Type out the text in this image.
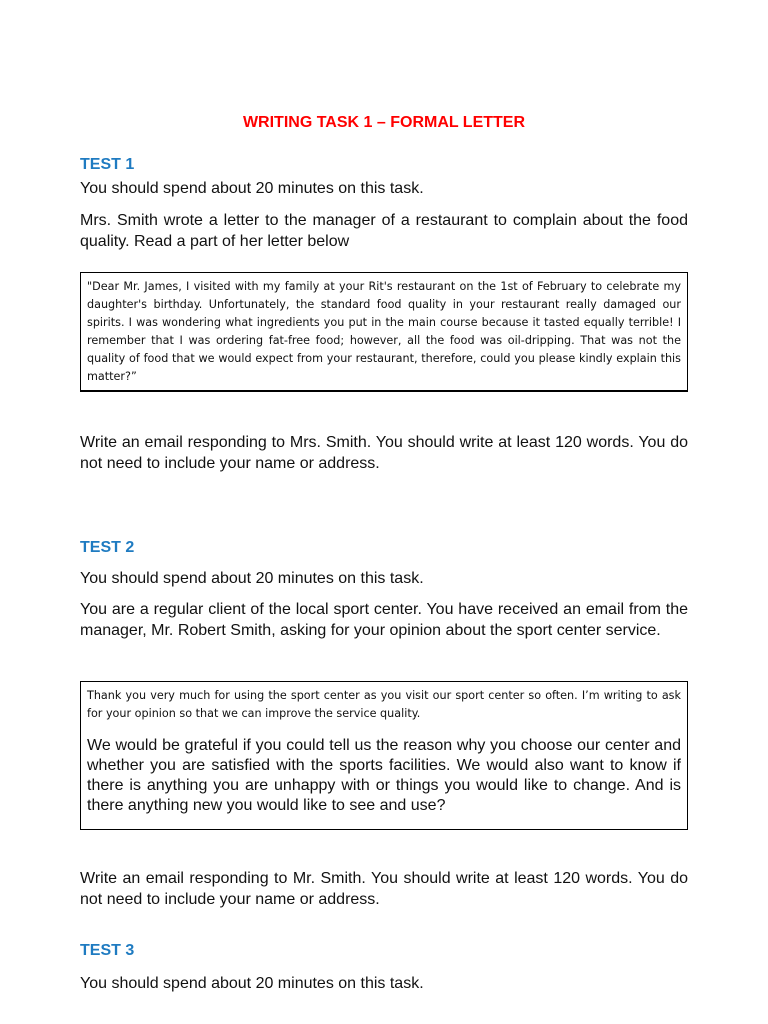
WRITING TASK 1 – FORMAL LETTER
TEST 1

You should spend about 20 minutes on this task.

Mrs. Smith wrote a letter to the manager of a restaurant to complain about the food quality. Read a part of her letter below

"Dear Mr. James, I visited with my family at your Rit's restaurant on the 1st of February to celebrate my daughter's birthday. Unfortunately, the standard food quality in your restaurant really damaged our spirits. I was wondering what ingredients you put in the main course because it tasted equally terrible! I remember that I was ordering fat-free food; however, all the food was oil-dripping. That was not the quality of food that we would expect from your restaurant, therefore, could you please kindly explain this matter?”

Write an email responding to Mrs. Smith. You should write at least 120 words. You do not need to include your name or address.

TEST 2

You should spend about 20 minutes on this task.

You are a regular client of the local sport center. You have received an email from the manager, Mr. Robert Smith, asking for your opinion about the sport center service.

Thank you very much for using the sport center as you visit our sport center so often. I’m writing to ask for your opinion so that we can improve the service quality.

We would be grateful if you could tell us the reason why you choose our center and whether you are satisfied with the sports facilities. We would also want to know if there is anything you are unhappy with or things you would like to change. And is there anything new you would like to see and use?

Write an email responding to Mr. Smith. You should write at least 120 words. You do not need to include your name or address.

TEST 3

You should spend about 20 minutes on this task.
